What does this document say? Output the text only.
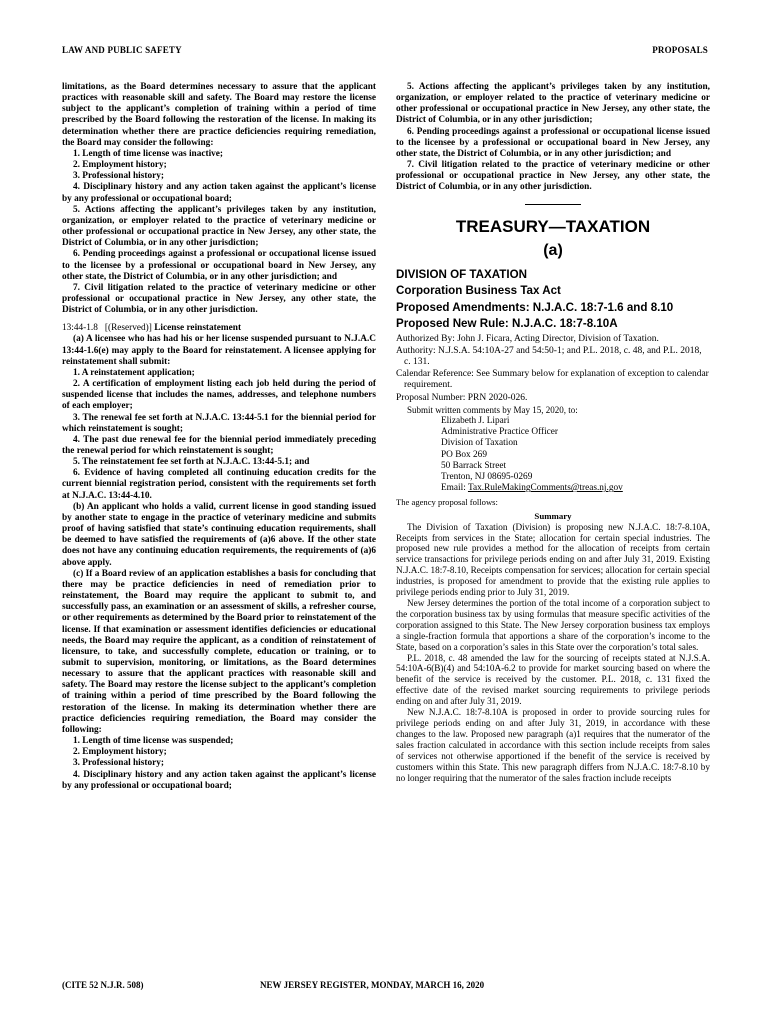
LAW AND PUBLIC SAFETY	PROPOSALS

limitations, as the Board determines necessary to assure that the applicant practices with reasonable skill and safety. The Board may restore the license subject to the applicant’s completion of training within a period of time prescribed by the Board following the restoration of the license. In making its determination whether there are practice deficiencies requiring remediation, the Board may consider the following:

1. Length of time license was inactive;

2. Employment history;

3. Professional history;

4. Disciplinary history and any action taken against the applicant’s license by any professional or occupational board;

5. Actions affecting the applicant’s privileges taken by any institution, organization, or employer related to the practice of veterinary medicine or other professional or occupational practice in New Jersey, any other state, the District of Columbia, or in any other jurisdiction;

6. Pending proceedings against a professional or occupational license issued to the licensee by a professional or occupational board in New Jersey, any other state, the District of Columbia, or in any other jurisdiction; and

7. Civil litigation related to the practice of veterinary medicine or other professional or occupational practice in New Jersey, any other state, the District of Columbia, or in any other jurisdiction.

13:44-1.8 [(Reserved)] License reinstatement

(a) A licensee who has had his or her license suspended pursuant to N.J.A.C 13:44-1.6(e) may apply to the Board for reinstatement. A licensee applying for reinstatement shall submit:

1. A reinstatement application;

2. A certification of employment listing each job held during the period of suspended license that includes the names, addresses, and telephone numbers of each employer;

3. The renewal fee set forth at N.J.A.C. 13:44-5.1 for the biennial period for which reinstatement is sought;

4. The past due renewal fee for the biennial period immediately preceding the renewal period for which reinstatement is sought;

5. The reinstatement fee set forth at N.J.A.C. 13:44-5.1; and

6. Evidence of having completed all continuing education credits for the current biennial registration period, consistent with the requirements set forth at N.J.A.C. 13:44-4.10.

(b) An applicant who holds a valid, current license in good standing issued by another state to engage in the practice of veterinary medicine and submits proof of having satisfied that state’s continuing education requirements, shall be deemed to have satisfied the requirements of (a)6 above. If the other state does not have any continuing education requirements, the requirements of (a)6 above apply.

(c) If a Board review of an application establishes a basis for concluding that there may be practice deficiencies in need of remediation prior to reinstatement, the Board may require the applicant to submit to, and successfully pass, an examination or an assessment of skills, a refresher course, or other requirements as determined by the Board prior to reinstatement of the license. If that examination or assessment identifies deficiencies or educational needs, the Board may require the applicant, as a condition of reinstatement of licensure, to take, and successfully complete, education or training, or to submit to supervision, monitoring, or limitations, as the Board determines necessary to assure that the applicant practices with reasonable skill and safety. The Board may restore the license subject to the applicant’s completion of training within a period of time prescribed by the Board following the restoration of the license. In making its determination whether there are practice deficiencies requiring remediation, the Board may consider the following:

1. Length of time license was suspended;

2. Employment history;

3. Professional history;

4. Disciplinary history and any action taken against the applicant’s license by any professional or occupational board;

5. Actions affecting the applicant’s privileges taken by any institution, organization, or employer related to the practice of veterinary medicine or other professional or occupational practice in New Jersey, any other state, the District of Columbia, or in any other jurisdiction;

6. Pending proceedings against a professional or occupational license issued to the licensee by a professional or occupational board in New Jersey, any other state, the District of Columbia, or in any other jurisdiction; and

7. Civil litigation related to the practice of veterinary medicine or other professional or occupational practice in New Jersey, any other state, the District of Columbia, or in any other jurisdiction.

TREASURY—TAXATION

(a)

DIVISION OF TAXATION

Corporation Business Tax Act

Proposed Amendments: N.J.A.C. 18:7-1.6 and 8.10

Proposed New Rule: N.J.A.C. 18:7-8.10A

Authorized By: John J. Ficara, Acting Director, Division of Taxation.

Authority: N.J.S.A. 54:10A-27 and 54:50-1; and P.L. 2018, c. 48, and P.L. 2018, c. 131.

Calendar Reference: See Summary below for explanation of exception to calendar requirement.

Proposal Number: PRN 2020-026.

Submit written comments by May 15, 2020, to:

Elizabeth J. Lipari

Administrative Practice Officer

Division of Taxation

PO Box 269

50 Barrack Street

Trenton, NJ 08695-0269

Email: Tax.RuleMakingComments@treas.nj.gov

The agency proposal follows:

Summary

The Division of Taxation (Division) is proposing new N.J.A.C. 18:7-8.10A, Receipts from services in the State; allocation for certain special industries. The proposed new rule provides a method for the allocation of receipts from certain service transactions for privilege periods ending on and after July 31, 2019. Existing N.J.A.C. 18:7-8.10, Receipts compensation for services; allocation for certain special industries, is proposed for amendment to provide that the existing rule applies to privilege periods ending prior to July 31, 2019.

New Jersey determines the portion of the total income of a corporation subject to the corporation business tax by using formulas that measure specific activities of the corporation assigned to this State. The New Jersey corporation business tax employs a single-fraction formula that apportions a share of the corporation’s income to the State, based on a corporation’s sales in this State over the corporation’s total sales.

P.L. 2018, c. 48 amended the law for the sourcing of receipts stated at N.J.S.A. 54:10A-6(B)(4) and 54:10A-6.2 to provide for market sourcing based on where the benefit of the service is received by the customer. P.L. 2018, c. 131 fixed the effective date of the revised market sourcing requirements to privilege periods ending on and after July 31, 2019.

New N.J.A.C. 18:7-8.10A is proposed in order to provide sourcing rules for privilege periods ending on and after July 31, 2019, in accordance with these changes to the law. Proposed new paragraph (a)1 requires that the numerator of the sales fraction calculated in accordance with this section include receipts from sales of services not otherwise apportioned if the benefit of the service is received by customers within this State. This new paragraph differs from N.J.A.C. 18:7-8.10 by no longer requiring that the numerator of the sales fraction include receipts

(CITE 52 N.J.R. 508)	NEW JERSEY REGISTER, MONDAY, MARCH 16, 2020
